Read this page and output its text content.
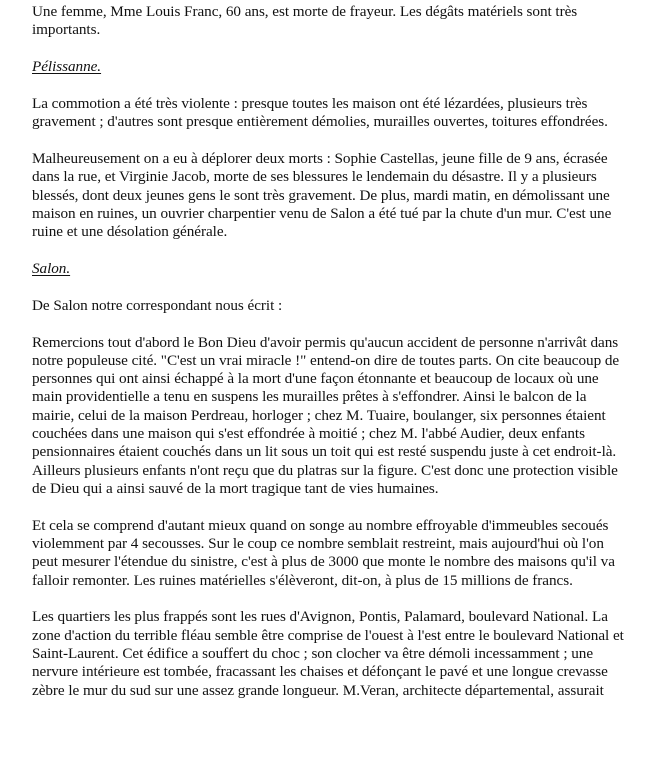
Une femme, Mme Louis Franc, 60 ans, est morte de frayeur. Les dégâts matériels sont très importants.

Pélissanne.

La commotion a été très violente : presque toutes les maison ont été lézardées, plusieurs très gravement ; d'autres sont presque entièrement démolies, murailles ouvertes, toitures effondrées.

Malheureusement on a eu à déplorer deux morts : Sophie Castellas, jeune fille de 9 ans, écrasée dans la rue, et Virginie Jacob, morte de ses blessures le lendemain du désastre. Il y a plusieurs blessés, dont deux jeunes gens le sont très gravement. De plus, mardi matin, en démolissant une maison en ruines, un ouvrier charpentier venu de Salon a été tué par la chute d'un mur. C'est une ruine et une désolation générale.

Salon.

De Salon notre correspondant nous écrit :

Remercions tout d'abord le Bon Dieu d'avoir permis qu'aucun accident de personne n'arrivât dans notre populeuse cité. "C'est un vrai miracle !" entend-on dire de toutes parts. On cite beaucoup de personnes qui ont ainsi échappé à la mort d'une façon étonnante et beaucoup de locaux où une main providentielle a tenu en suspens les murailles prêtes à s'effondrer. Ainsi le balcon de la mairie, celui de la maison Perdreau, horloger ; chez M. Tuaire, boulanger, six personnes étaient couchées dans une maison qui s'est effondrée à moitié ; chez M. l'abbé Audier, deux enfants pensionnaires étaient couchés dans un lit sous un toit qui est resté suspendu juste à cet endroit-là. Ailleurs plusieurs enfants n'ont reçu que du platras sur la figure. C'est donc une protection visible de Dieu qui a ainsi sauvé de la mort tragique tant de vies humaines.

Et cela se comprend d'autant mieux quand on songe au nombre effroyable d'immeubles secoués violemment par 4 secousses. Sur le coup ce nombre semblait restreint, mais aujourd'hui où l'on peut mesurer l'étendue du sinistre, c'est à plus de 3000 que monte le nombre des maisons qu'il va falloir remonter. Les ruines matérielles s'élèveront, dit-on, à plus de 15 millions de francs.

Les quartiers les plus frappés sont les rues d'Avignon, Pontis, Palamard, boulevard National. La zone d'action du terrible fléau semble être comprise de l'ouest à l'est entre le boulevard National et Saint-Laurent. Cet édifice a souffert du choc ; son clocher va être démoli incessamment ; une nervure intérieure est tombée, fracassant les chaises et défonçant le pavé et une longue crevasse zèbre le mur du sud sur une assez grande longueur. M.Veran, architecte départemental, assurait
